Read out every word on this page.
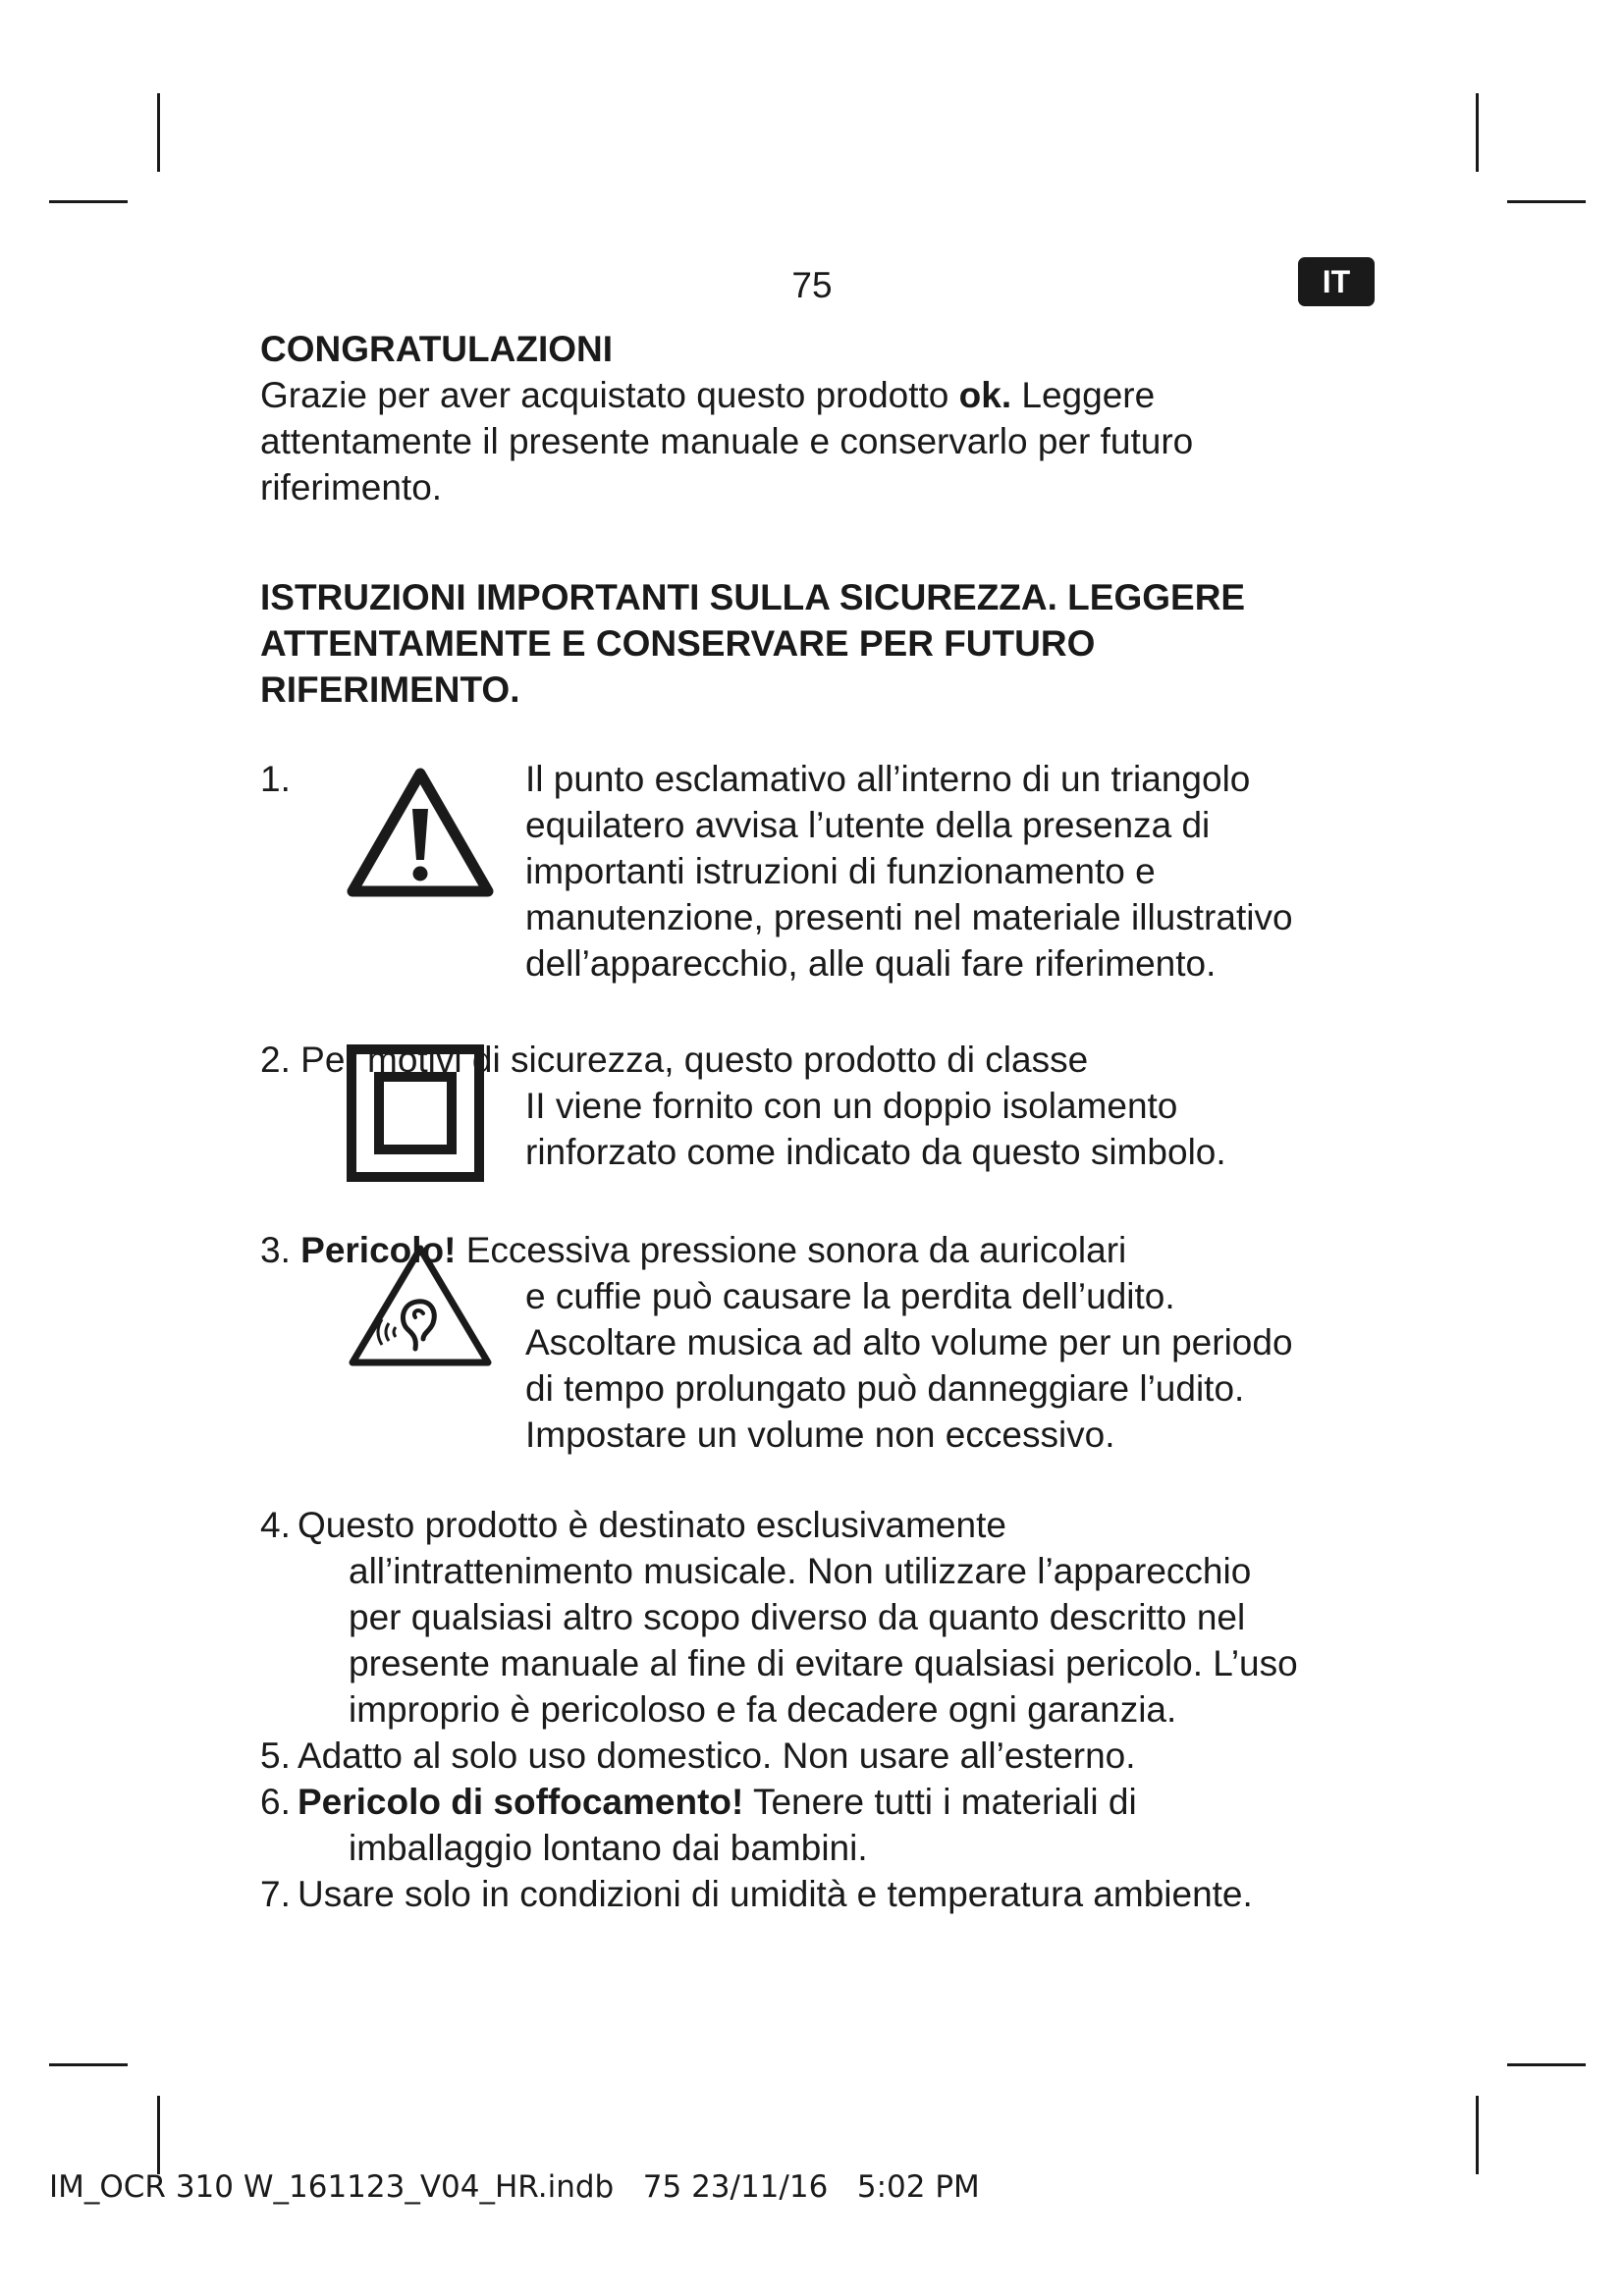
75	IT
CONGRATULAZIONI
Grazie per aver acquistato questo prodotto ok. Leggere
attentamente il presente manuale e conservarlo per futuro
riferimento.
ISTRUZIONI IMPORTANTI SULLA SICUREZZA. LEGGERE
ATTENTAMENTE E CONSERVARE PER FUTURO
RIFERIMENTO.
1.	Il punto esclamativo all’interno di un triangolo
equilatero avvisa l’utente della presenza di
importanti istruzioni di funzionamento e
manutenzione, presenti nel materiale illustrativo
dell’apparecchio, alle quali fare riferimento.
2. Per motivi di sicurezza, questo prodotto di classe
II viene fornito con un doppio isolamento
rinforzato come indicato da questo simbolo.
3. Pericolo! Eccessiva pressione sonora da auricolari
e cuffie può causare la perdita dell’udito.
Ascoltare musica ad alto volume per un periodo
di tempo prolungato può danneggiare l’udito.
Impostare un volume non eccessivo.
4. Questo prodotto è destinato esclusivamente
all’intrattenimento musicale. Non utilizzare l’apparecchio
per qualsiasi altro scopo diverso da quanto descritto nel
presente manuale al fine di evitare qualsiasi pericolo. L’uso
improprio è pericoloso e fa decadere ogni garanzia.
5. Adatto al solo uso domestico. Non usare all’esterno.
6. Pericolo di soffocamento! Tenere tutti i materiali di
imballaggio lontano dai bambini.
7. Usare solo in condizioni di umidità e temperatura ambiente.
IM_OCR 310 W_161123_V04_HR.indb   75 23/11/16   5:02 PM
